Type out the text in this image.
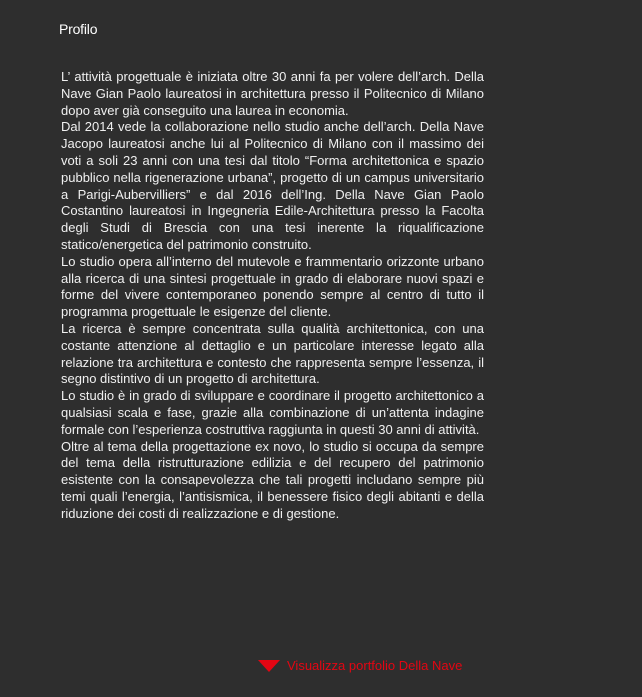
Profilo

L’ attività progettuale è iniziata oltre 30 anni fa per volere dell’arch. Della Nave Gian Paolo laureatosi in architettura presso il Politecnico di Milano dopo aver già conseguito una laurea in economia.

Dal 2014 vede la collaborazione nello studio anche dell’arch. Della Nave Jacopo laureatosi anche lui al Politecnico di Milano con il massimo dei voti a soli 23 anni con una tesi dal titolo “Forma architettonica e spazio pubblico nella rigenerazione urbana”, progetto di un campus universitario a Parigi-Aubervilliers” e dal 2016 dell’Ing. Della Nave Gian Paolo Costantino laureatosi in Ingegneria Edile-Architettura presso la Facolta degli Studi di Brescia con una tesi inerente la riqualificazione statico/energetica del patrimonio construito.

Lo studio opera all’interno del mutevole e frammentario orizzonte urbano alla ricerca di una sintesi progettuale in grado di elaborare nuovi spazi e forme del vivere contemporaneo ponendo sempre al centro di tutto il programma progettuale le esigenze del cliente.

La ricerca è sempre concentrata sulla qualità architettonica, con una costante attenzione al dettaglio e un particolare interesse legato alla relazione tra architettura e contesto che rappresenta sempre l’essenza, il segno distintivo di un progetto di architettura.

Lo studio è in grado di sviluppare e coordinare il progetto architettonico a qualsiasi scala e fase, grazie alla combinazione di un’attenta indagine formale con l’esperienza costruttiva raggiunta in questi 30 anni di attività.

Oltre al tema della progettazione ex novo, lo studio si occupa da sempre del tema della ristrutturazione edilizia e del recupero del patrimonio esistente con la consapevolezza che tali progetti includano sempre più temi quali l’energia, l’antisismica, il benessere fisico degli abitanti e della riduzione dei costi di realizzazione e di gestione.

Visualizza portfolio Della Nave
